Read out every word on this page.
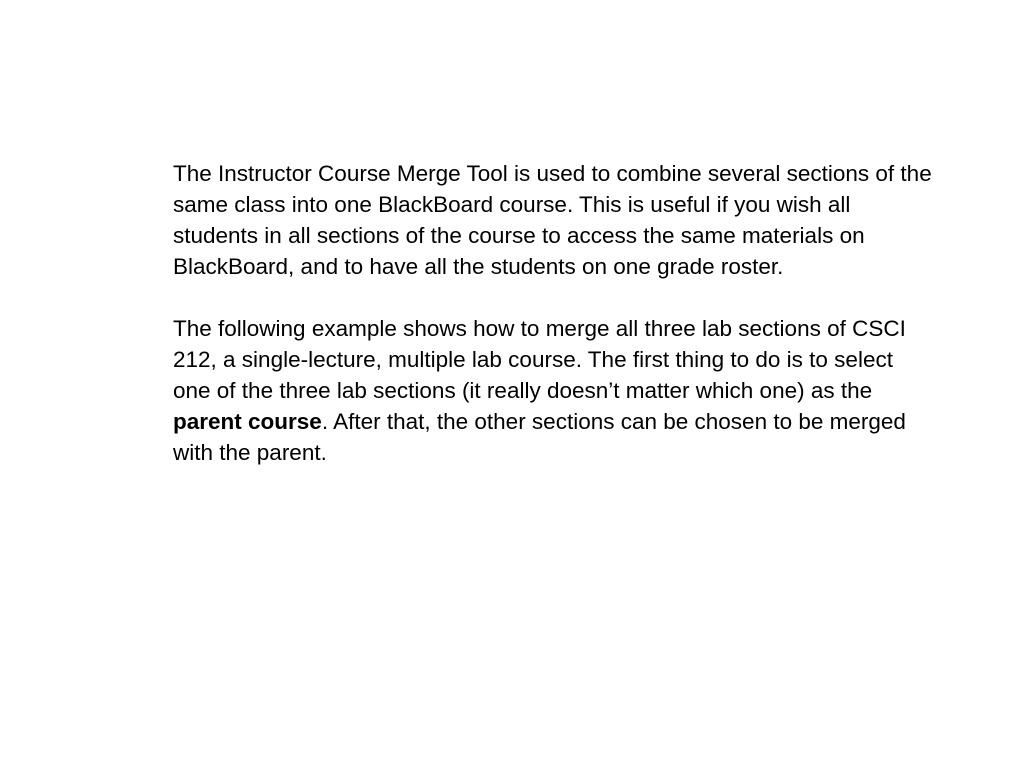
The Instructor Course Merge Tool is used to combine several sections of the same class into one BlackBoard course. This is useful if you wish all students in all sections of the course to access the same materials on BlackBoard, and to have all the students on one grade roster.

The following example shows how to merge all three lab sections of CSCI 212, a single-lecture, multiple lab course. The first thing to do is to select one of the three lab sections (it really doesn’t matter which one) as the parent course. After that, the other sections can be chosen to be merged with the parent.
